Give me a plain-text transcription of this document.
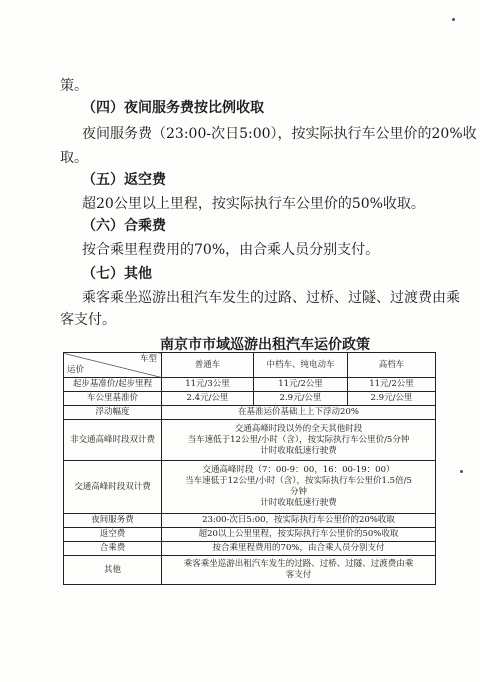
策。
（四）夜间服务费按比例收取
夜间服务费（23:00-次日5:00），按实际执行车公里价的20%收
取。
（五）返空费
超20公里以上里程，按实际执行车公里价的50%收取。
（六）合乘费
按合乘里程费用的70%，由合乘人员分别支付。
（七）其他
乘客乘坐巡游出租汽车发生的过路、过桥、过隧、过渡费由乘
客支付。
南京市市域巡游出租汽车运价政策
车型
运价	普通车	中档车、纯电动车	高档车
起步基准价/起步里程	11元/3公里	11元/2公里	11元/2公里
车公里基准价	2.4元/公里	2.9元/公里	2.9元/公里
浮动幅度	在基准运价基础上上下浮动20%		
非交通高峰时段双计费	交通高峰时段以外的全天其他时段
当车速低于12公里/小时（含），按实际执行车公里价/5分钟
计时收取低速行驶费		

交通高峰时段双计费	交通高峰时段（7：00-9：00，16：00-19：00）
当车速低于12公里/小时（含），按实际执行车公里价1.5倍/5
分钟
计时收取低速行驶费		

夜间服务费	23:00-次日5:00，按实际执行车公里价的20%收取		
返空费	超20以上公里里程，按实际执行车公里价的50%收取		
合乘费	按合乘里程费用的70%，由合乘人员分别支付		
其他	乘客乘坐巡游出租汽车发生的过路、过桥、过隧、过渡费由乘
客支付		
